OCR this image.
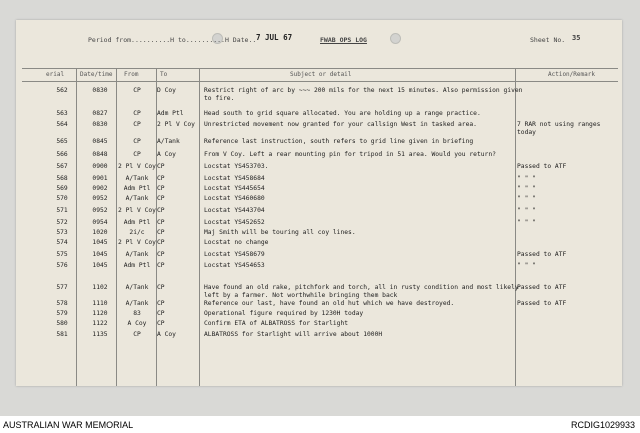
Period from..........H to..........H Date.. 7 JUL 67	FWAB OPS LOG	Sheet No. 35
erial	Date/time From	To	Subject or detail	Action/Remark
562	0830	CP	D Coy	Restrict right of arc by ~~~ 200 mils for the next 15 minutes. Also permission given
to fire.
563	0827	CP	Adm Ptl	Head south to grid square allocated. You are holding up a range practice.
564	0830	CP	2 Pl V Coy	Unrestricted movement now granted for your callsign West in tasked area.	7 RAR not using ranges
today
565	0845	CP	A/Tank	Reference last instruction, south refers to grid line given in briefing
566	0848	CP	A Coy	From V Coy. Left a rear mounting pin for tripod in 51 area. Would you return?
567	0900	2 Pl V Coy CP	Locstat YS453703.	Passed to ATF
568	0901	A/Tank	CP	Locstat YS458684	" " "
569	0902	Adm Ptl	CP	Locstat YS445654	" " "
570	0952	A/Tank	CP	Locstat YS460680	" " "
571	0952	2 Pl V Coy CP	Locstat YS443704	" " "
572	0954	Adm Ptl	CP	Locstat YS452652	" " "
573	1020	2i/c	CP	Maj Smith will be touring all coy lines.
574	1045	2 Pl V Coy CP	Locstat no change
575	1045	A/Tank	CP	Locstat YS458679	Passed to ATF
576	1045	Adm Ptl	CP	Locstat YS454653	" " "
577	1102	A/Tank	CP	Have found an old rake, pitchfork and torch, all in rusty condition and most likely
left by a farmer. Not worthwhile bringing them back
Passed to ATF
578	1110	A/Tank	CP	Reference our last, have found an old hut which we have destroyed.	Passed to ATF
579	1120	83	CP	Operational figure required by 1230H today
580	1122	A Coy	CP	Confirm ETA of ALBATROSS for Starlight
581	1135	CP	A Coy	ALBATROSS for Starlight will arrive about 1000H
AUSTRALIAN WAR MEMORIAL	RCDIG1029933
